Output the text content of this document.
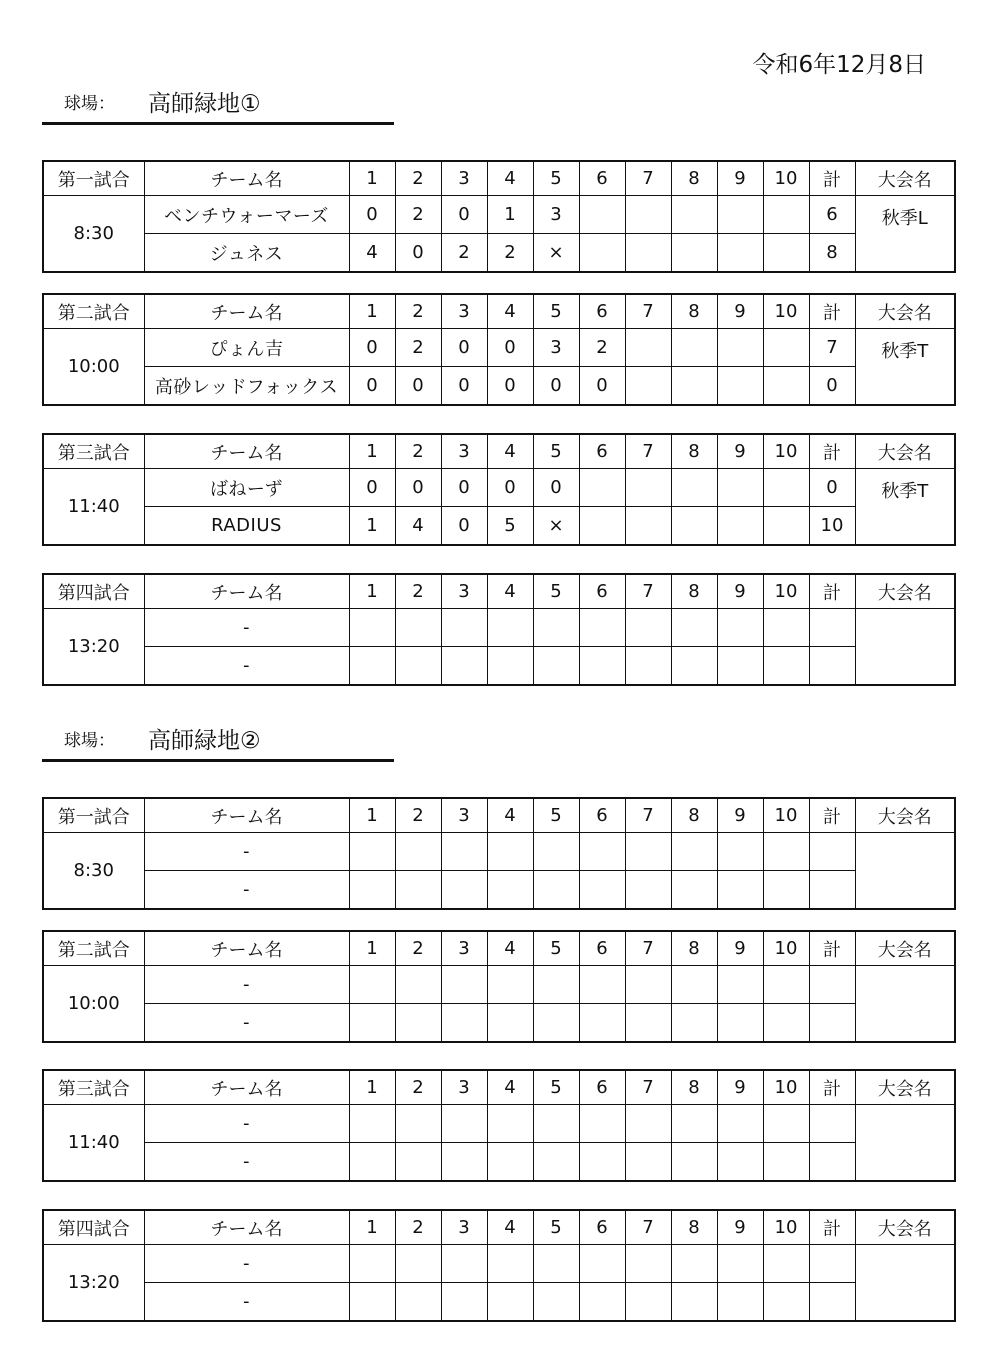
令和6年12月8日
球場： 高師緑地①
球場： 高師緑地②
第一試合	チーム名	1	2	3	4	5	6	7	8	9	10	計	大会名
8:30	ベンチウォーマーズ	0	2	0	1	3						6	秋季L
	ジュネス	4	0	2	2	×						8	
第二試合	チーム名	1	2	3	4	5	6	7	8	9	10	計	大会名
10:00	ぴょん吉	0	2	0	0	3	2					7	秋季T
	高砂レッドフォックス	0	0	0	0	0	0					0	
第三試合	チーム名	1	2	3	4	5	6	7	8	9	10	計	大会名
11:40	ばねーず	0	0	0	0	0						0	秋季T
	RADIUS	1	4	0	5	×						10	
第四試合	チーム名	1	2	3	4	5	6	7	8	9	10	計	大会名
13:20	-												
	-												
第一試合	チーム名	1	2	3	4	5	6	7	8	9	10	計	大会名
8:30	-												
	-												
第二試合	チーム名	1	2	3	4	5	6	7	8	9	10	計	大会名
10:00	-												
	-												
第三試合	チーム名	1	2	3	4	5	6	7	8	9	10	計	大会名
11:40	-												
	-												
第四試合	チーム名	1	2	3	4	5	6	7	8	9	10	計	大会名
13:20	-												
	-												
